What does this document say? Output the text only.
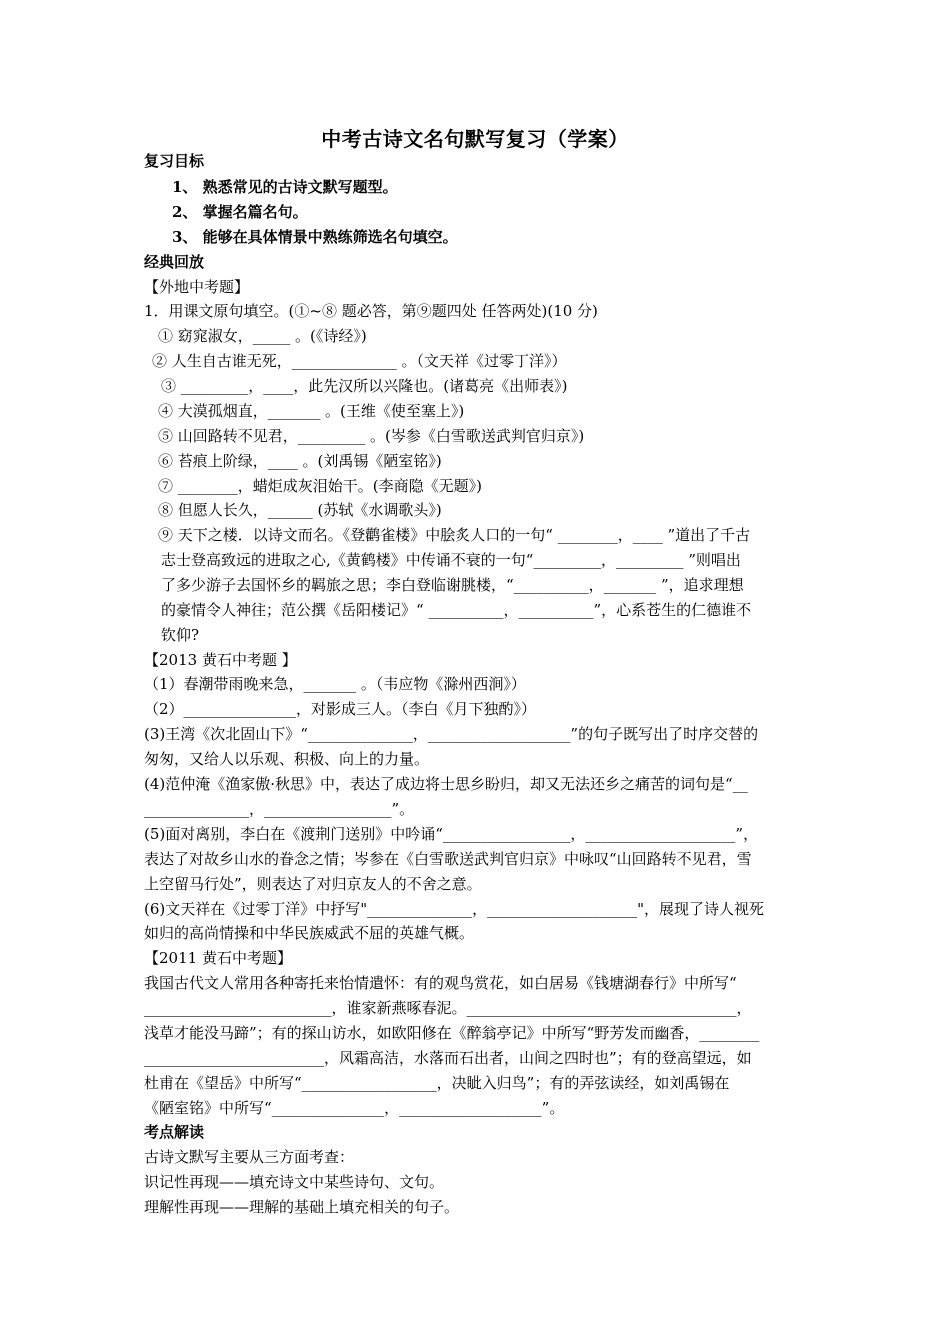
中考古诗文名句默写复习（学案）
复习目标
1、 熟悉常见的古诗文默写题型。
2、 掌握名篇名句。
3、 能够在具体情景中熟练筛选名句填空。
经典回放
【外地中考题】
1．用课文原句填空。(①~⑧ 题必答，第⑨题四处 任答两处)(10 分)
① 窈窕淑女，_____ 。(《诗经》)
② 人生自古谁无死，______________ 。（文天祥《过零丁洋》）
③ _________，____，此先汉所以兴隆也。(诸葛亮《出师表》)
④ 大漠孤烟直，_______ 。(王维《使至塞上》)
⑤ 山回路转不见君，_________ 。(岑参《白雪歌送武判官归京》)
⑥ 苔痕上阶绿，____ 。(刘禹锡《陋室铭》)
⑦ ________，蜡炬成灰泪始干。(李商隐《无题》)
⑧ 但愿人长久，______ (苏轼《水调歌头》)
⑨ 天下之楼．以诗文而名。《登鹳雀楼》中脍炙人口的一句“ ________，____ ”道出了千古
志士登高致远的进取之心,《黄鹤楼》中传诵不衰的一句“_________，_________ ”则唱出
了多少游子去国怀乡的羁旅之思；李白登临谢朓楼，“__________，_______ ”，追求理想
的豪情令人神往；范公撰《岳阳楼记》“ __________，__________”，心系苍生的仁德谁不
钦仰?
【2013 黄石中考题 】
（1）春潮带雨晚来急，_______ 。（韦应物《滁州西涧》）
（2）_______________，对影成三人。（李白《月下独酌》）
(3)王湾《次北固山下》“______________，___________________”的句子既写出了时序交替的
匆匆，又给人以乐观、积极、向上的力量。
(4)范仲淹《渔家傲·秋思》中，表达了成边将士思乡盼归，却又无法还乡之痛苦的词句是“__
______________，_________________”。
(5)面对离别，李白在《渡荆门送别》中吟诵“_________________，____________________”，
表达了对故乡山水的眷念之情；岑参在《白雪歌送武判官归京》中咏叹“山回路转不见君，雪
上空留马行处”，则表达了对归京友人的不舍之意。
(6)文天祥在《过零丁洋》中抒写"______________，____________________"，展现了诗人视死
如归的高尚情操和中华民族威武不屈的英雄气概。
【2011 黄石中考题】
我国古代文人常用各种寄托来怡情遣怀：有的观鸟赏花，如白居易《钱塘湖春行》中所写“
_________________________，谁家新燕啄春泥。____________________________________，
浅草才能没马蹄”；有的探山访水，如欧阳修在《醉翁亭记》中所写“野芳发而幽香，________
________________________，风霜高洁，水落而石出者，山间之四时也”；有的登高望远，如
杜甫在《望岳》中所写“__________________，决眦入归鸟”；有的弄弦读经，如刘禹锡在
《陋室铭》中所写“_______________，___________________”。
考点解读
古诗文默写主要从三方面考查：
识记性再现——填充诗文中某些诗句、文句。
理解性再现——理解的基础上填充相关的句子。
